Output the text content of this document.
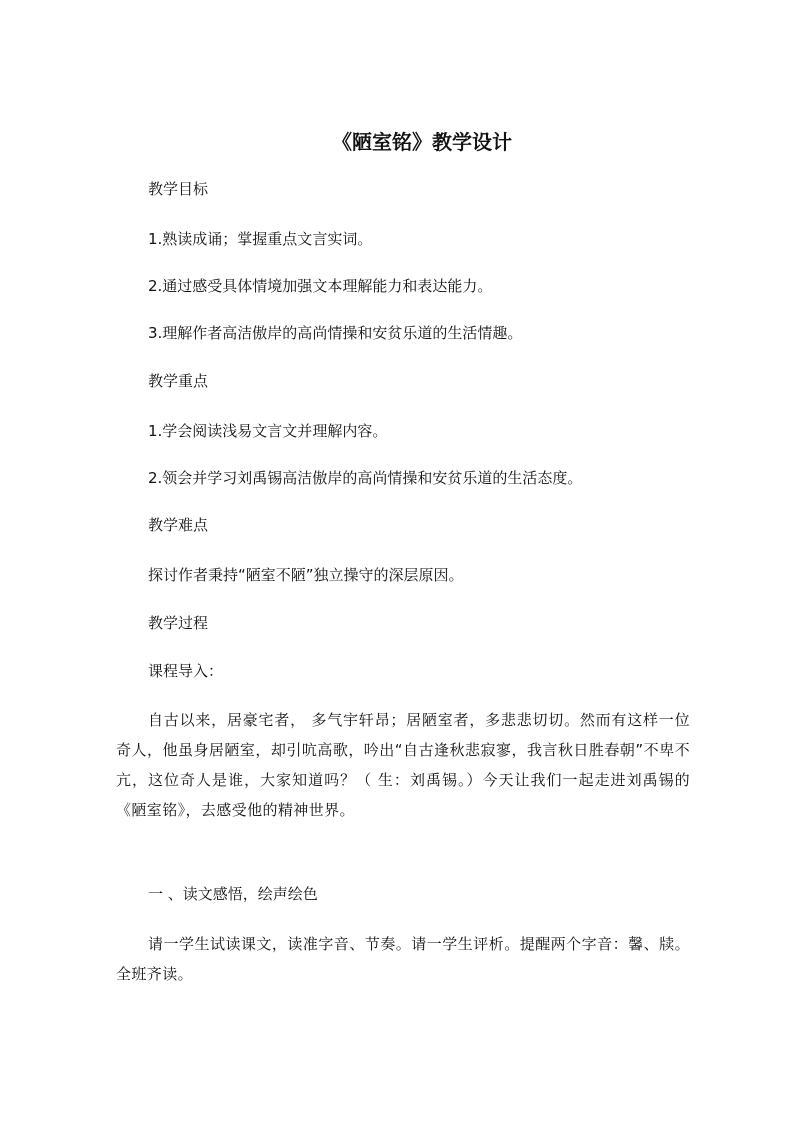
《陋室铭》教学设计

教学目标

1.熟读成诵；掌握重点文言实词。

2.通过感受具体情境加强文本理解能力和表达能力。

3.理解作者高洁傲岸的高尚情操和安贫乐道的生活情趣。

教学重点

1.学会阅读浅易文言文并理解内容。

2.领会并学习刘禹锡高洁傲岸的高尚情操和安贫乐道的生活态度。

教学难点

探讨作者秉持“陋室不陋”独立操守的深层原因。

教学过程

课程导入：

自古以来，居豪宅者， 多气宇轩昂；居陋室者，多悲悲切切。然而有这样一位奇人，他虽身居陋室，却引吭高歌，吟出“自古逢秋悲寂寥，我言秋日胜春朝”不卑不亢，这位奇人是谁，大家知道吗？（ 生：刘禹锡。）今天让我们一起走进刘禹锡的《陋室铭》，去感受他的精神世界。

一 、读文感悟，绘声绘色

请一学生试读课文，读准字音、节奏。请一学生评析。提醒两个字音：馨、牍。全班齐读。
